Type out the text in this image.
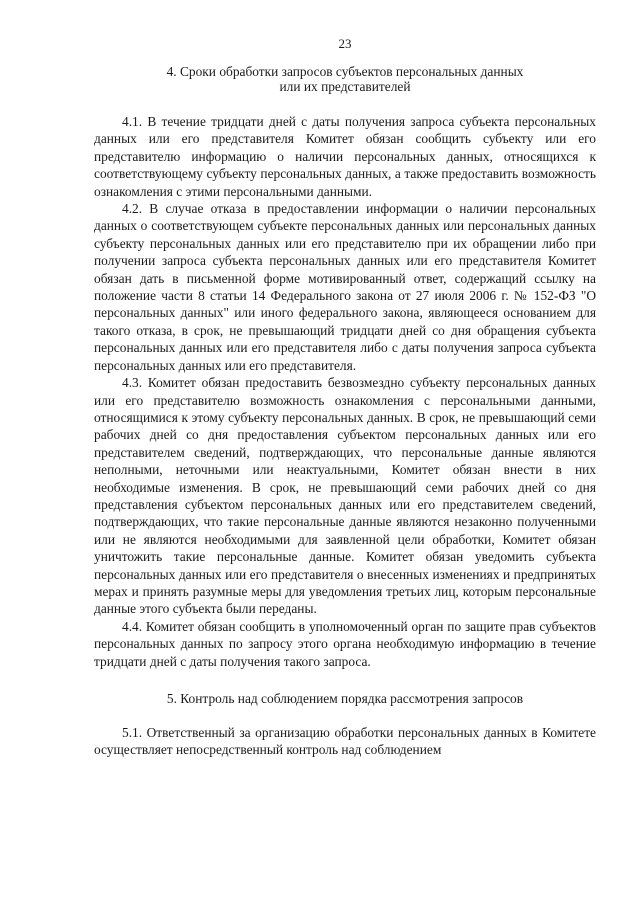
23
4. Сроки обработки запросов субъектов персональных данных
или их представителей

4.1. В течение тридцати дней с даты получения запроса субъекта персональных данных или его представителя Комитет обязан сообщить субъекту или его представителю информацию о наличии персональных данных, относящихся к соответствующему субъекту персональных данных, а также предоставить возможность ознакомления с этими персональными данными.

4.2. В случае отказа в предоставлении информации о наличии персональных данных о соответствующем субъекте персональных данных или персональных данных субъекту персональных данных или его представителю при их обращении либо при получении запроса субъекта персональных данных или его представителя Комитет обязан дать в письменной форме мотивированный ответ, содержащий ссылку на положение части 8 статьи 14 Федерального закона от 27 июля 2006 г. № 152-ФЗ "О персональных данных" или иного федерального закона, являющееся основанием для такого отказа, в срок, не превышающий тридцати дней со дня обращения субъекта персональных данных или его представителя либо с даты получения запроса субъекта персональных данных или его представителя.

4.3. Комитет обязан предоставить безвозмездно субъекту персональных данных или его представителю возможность ознакомления с персональными данными, относящимися к этому субъекту персональных данных. В срок, не превышающий семи рабочих дней со дня предоставления субъектом персональных данных или его представителем сведений, подтверждающих, что персональные данные являются неполными, неточными или неактуальными, Комитет обязан внести в них необходимые изменения. В срок, не превышающий семи рабочих дней со дня представления субъектом персональных данных или его представителем сведений, подтверждающих, что такие персональные данные являются незаконно полученными или не являются необходимыми для заявленной цели обработки, Комитет обязан уничтожить такие персональные данные. Комитет обязан уведомить субъекта персональных данных или его представителя о внесенных изменениях и предпринятых мерах и принять разумные меры для уведомления третьих лиц, которым персональные данные этого субъекта были переданы.

4.4. Комитет обязан сообщить в уполномоченный орган по защите прав субъектов персональных данных по запросу этого органа необходимую информацию в течение тридцати дней с даты получения такого запроса.

5. Контроль над соблюдением порядка рассмотрения запросов

5.1. Ответственный за организацию обработки персональных данных в Комитете осуществляет непосредственный контроль над соблюдением
